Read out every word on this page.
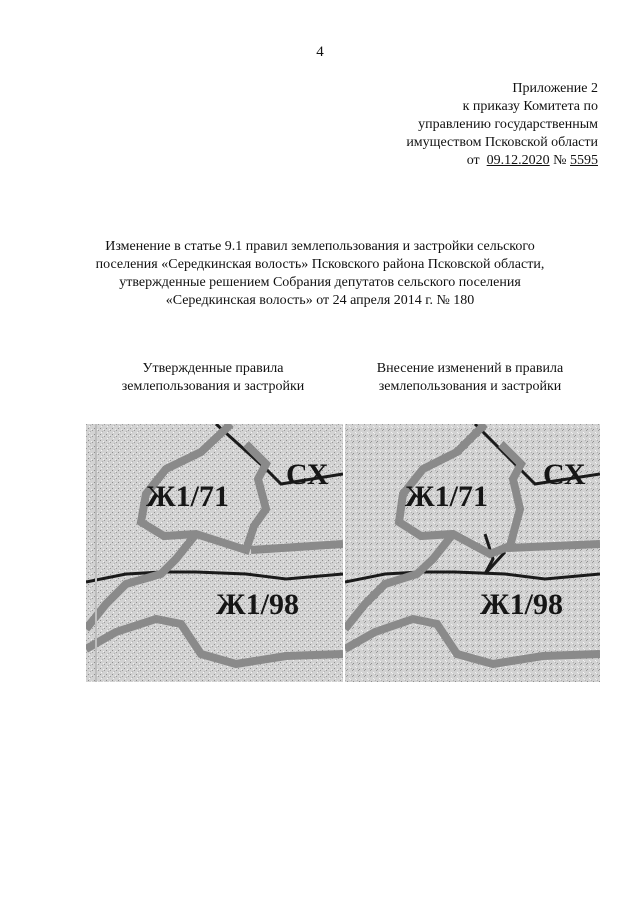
4
Приложение 2
к приказу Комитета по
управлению государственным
имуществом Псковской области
от 09.12.2020 № 5595
Изменение в статье 9.1 правил землепользования и застройки сельского
поселения «Середкинская волость» Псковского района Псковской области,
утвержденные решением Собрания депутатов сельского поселения
«Середкинская волость» от 24 апреля 2014 г. № 180
Утвержденные правила
землепользования и застройки
Внесение изменений в правила
землепользования и застройки
Ж1/71
Ж1/98
СХ
Ж1/71
Ж1/98
СХ
